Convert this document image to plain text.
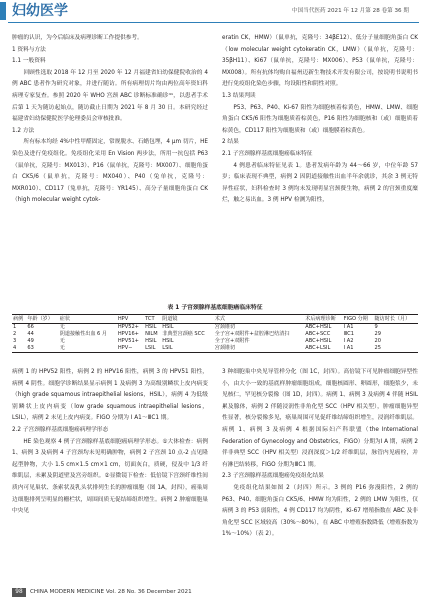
妇幼医学	中国当代医药 2021 年 12 月第 28 卷第 36 期

肿瘤的认识，为今后临床及病理诊断工作提供参考。

1 资料与方法

1.1 一般资料

回顾性选取 2018 年 12 月至 2020 年 12 月福建省妇幼保健院收治的 4 例 ABC 患者作为研究对象，并进行随访。所有病理切片均由两位高年资妇科病理专家复查。参照 2020 年 WHO 宫颈 ABC 诊断标准确诊⁴¹，以患者手术后第 1 天为随访起始点，随访截止日期为 2021 年 8 月 30 日。本研究经过福建省妇幼保健院医学伦理委员会审核批准。

1.2 方法

所有标本均经 4%中性甲醛固定，常规脱水、石蜡包埋，4 μm 切片，HE 染色及进行免疫组化。免疫组化采用 En Vision 两步法，所用一抗包括 P63（鼠单抗，克隆号：MX013）、P16（鼠单抗，克隆号：MX007）、细胞角蛋白 CK5/6（鼠单抗，克隆号：MX040）、P40（兔单抗，克隆号：MXR010）、CD117（兔单抗，克隆号：YR145）、高分子量细胞角蛋白 CK（high molecular weight cytok-

eratin CK，HMW）（鼠单抗，克隆号：34βE12）、低分子量细胞角蛋白 CK（low molecular weight cytokeratin CK，LMW）（鼠单抗，克隆号：35βH11）、Ki67（鼠单抗，克隆号：MX006）、P53（鼠单抗，克隆号：MX008）。所有抗体均购自福州迈新生物技术开发有限公司，按说明书说明书进行免疫组化染色步骤，均设阳性和阴性对照。

1.3 结果判读

P53、P63、P40、Ki-67 阳性为细胞核着棕黄色，HMW、LMW、细胞角蛋白 CK5/6 阳性为细胞质着棕黄色，P16 阳性为细胞核和（或）细胞质着棕黄色，CD117 阳性为细胞质和（或）细胞膜着棕黄色。

2 结果

2.1 子宫颈腺样基底细胞癌临床特征

4 例患者临床特征见表 1。患者发病年龄为 44～66 岁，中位年龄 57 岁；临床表现不典型，病例 2 因阴道接触性出血半年余就诊，其余 3 例无特异性症状，妇科检查时 3 例均未发现明显宫颈赘生物，病例 2 的宫颈重度糜烂，触之易出血。3 例 HPV 检测为阳性，

表 1 子宫颈腺样基底细胞癌临床特征
病例	年龄（岁）	症状	HPV	TCT	阴道镜	术式	术后病理诊断	FIGO 分期	随访时长（月）
1	66	无	HPV52+	HSIL	HSIL	宫颈锥切	ABC+HSIL	Ⅰ A1	9
2	44	阴道接触性出血 6 月	HPV16+	NILM	非典型宫颈癌 SCC	全子宫+双附件+盆腔淋巴结清扫	ABC+SCC	ⅢC1	29
3	49	无	HPV51+	HSIL	HSIL	全子宫+双附件	ABC+HSIL	Ⅰ A2	20
4	63	无	HPV−	LSIL	LSIL	宫颈锥切	ABC+LSIL	Ⅰ A1	25

病例 1 的 HPV52 阳性，病例 2 的 HPV16 阳性，病例 3 的 HPV51 阳性，病例 4 阴性。细胞学诊断结果显示病例 1 及病例 3 为高级别鳞状上皮内病变（high grade squamous intraepithelial lesions，HSIL），病例 4 为低级别鳞状上皮内病变（low grade squamous intraepithelial lesions，LSIL），病例 2 未见上皮内病变。FIGO 分期为 Ⅰ A1～ⅢC1 期。

2.2 子宫颈腺样基底细胞癌病理学形态

HE 染色观察 4 例子宫颈腺样基底细胞癌病理学形态。①大体检查：病例 1、病例 3 及病例 4 子宫颈均未见明确肿物，病例 2 子宫颈 10 点-2 点见隆起型肿物，大小 1.5 cm×1.5 cm×1 cm，切面灰白，质硬，侵及中 1/3 纤维肌层，未累及阴道壁及宫旁组织。②显微镜下检查：低倍镜下宫颈纤维性间质内可见巢状、条索状及乳头状排列生长的肿瘤细胞（图 1A，封四），癌巢周边细胞排列呈明显的栅栏状，周围间质无促结缔组织增生。病例 2 肿瘤细胞巢中央见

3 种细胞巢中央见导管样分化（图 1C，封四）。高倍镜下可见肿瘤细胞异型性小，由大小一致的基底样肿瘤细胞组成，细胞核圆形、卵圆形，细胞浆少，未见核仁，罕见核分裂像（图 1D，封四）。病例 1、病例 3 及病例 4 伴随 HSIL 累及腺体，病例 2 伴随浸润性非角化型 SCC（HPV 相关型），肿瘤细胞异型性显著，核分裂像多见，癌巢周围可见促纤维结缔组织增生，浸润纤维肌层。病例 1、病例 3 及病例 4 根据国际妇产科联盟（the International Federation of Gynecology and Obstetrics，FIGO）分期为Ⅰ A 期，病例 2 伴非典型 SCC（HPV 相关型）浸润深度＞1/2 纤维肌层，脉管内见癌栓，并有淋巴结转移，FIGO 分期为ⅢC1 期。

2.3 子宫颈腺样基底细胞癌免疫组化结果

免疫组化结果如图 2（封四）所示。3 例的 P16 弥漫阳性，2 例的 P63、P40、细胞角蛋白 CK5/6、HMW 均为阳性，2 例的 LMW 为阳性，仅病例 3 的 P53 弱阳性，4 例 CD117 均为阴性，Ki-67 增殖指数在 ABC 及非角化型 SCC 区域较高（30%～80%），在 ABC 中增殖指数降低（增殖指数为 1%～10%）（表 2）。

98	CHINA MODERN MEDICINE Vol. 28 No. 36 December 2021
